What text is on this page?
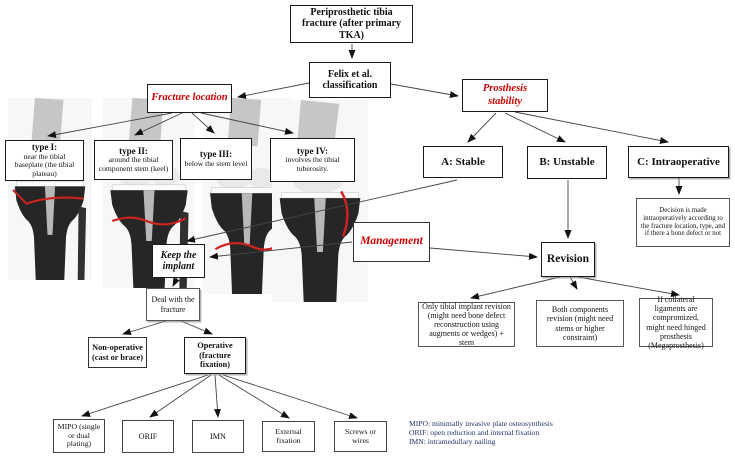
Periprosthetic tibia fracture (after primary TKA)
Felix et al. classification
Fracture location
Prosthesis stability
type I:
near the tibial baseplate (the tibial plateau)
type II:
around the tibial component stem (keel)
type III:
below the stem level
type IV:
involves the tibial tuberosity.
A: Stable	B: Unstable	C: Intraoperative
Decision is made intraoperatively according to the fracture location, type, and if there a bone defect or not
Management
Keep the implant
Revision
Deal with the fracture
Non-operative (cast or brace)
Operative (fracture fixation)
MIPO (single or dual plating)
ORIF	IMN
External fixation
Screws or wires
Only tibial implant revision (might need bone defect reconstruction using augments or wedges) + stem
Both components revision (might need stems or higher constraint)
If collateral ligaments are compromized, might need hinged prosthesis (Megaprosthesis)
MIPO: minimally invasive plate osteosynthesis
ORIF: open reduction and internal fixation
IMN: intramedullary nailing
